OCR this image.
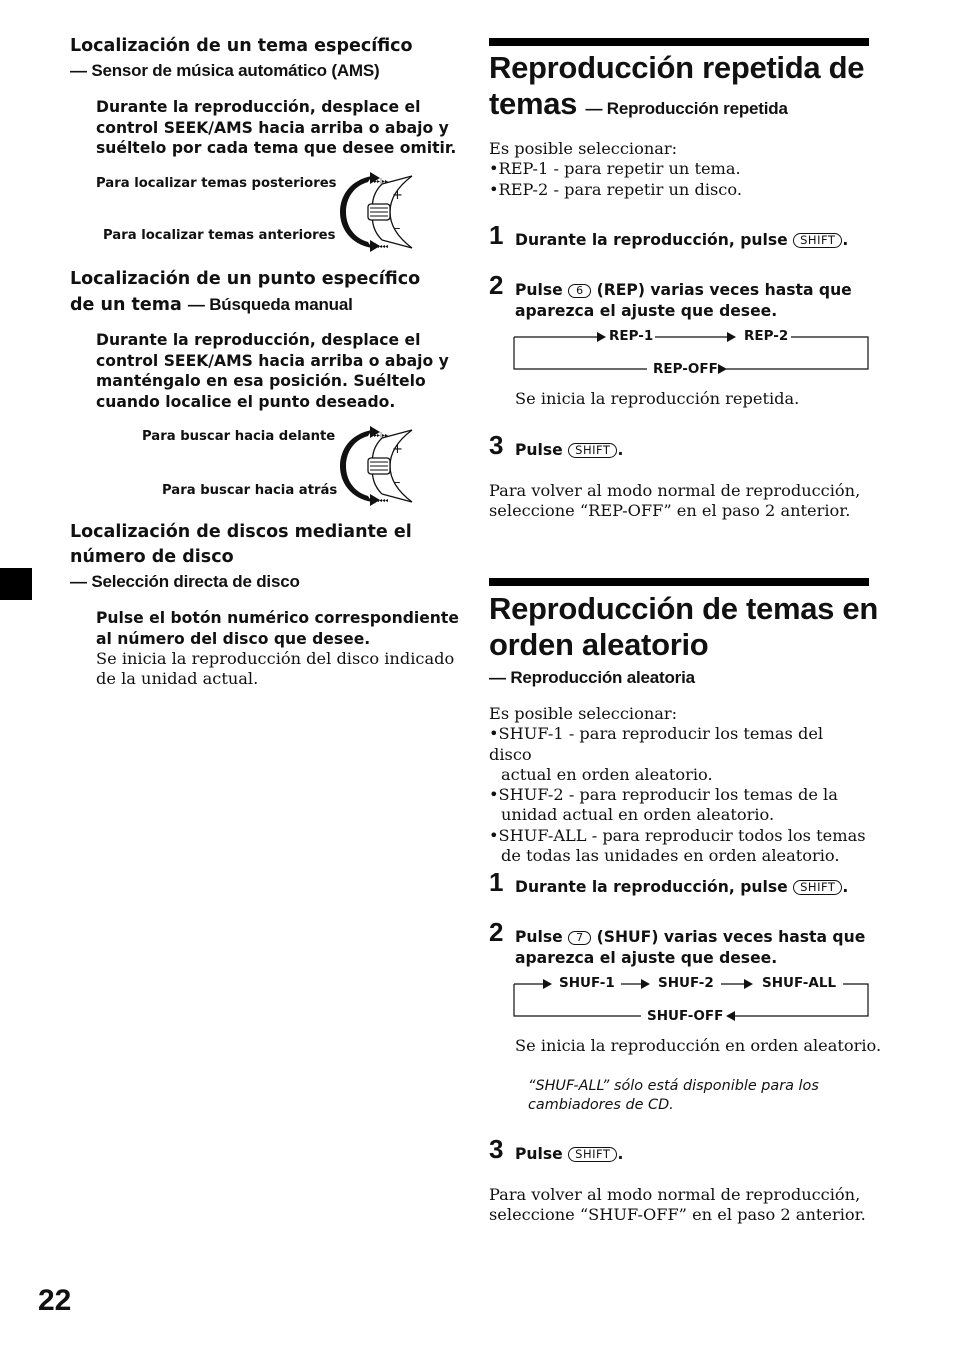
Localización de un tema específico
— Sensor de música automático (AMS)
Durante la reproducción, desplace el
control SEEK/AMS hacia arriba o abajo y
suéltelo por cada tema que desee omitir.
Para localizar temas posteriores
Para localizar temas anteriores
+
–
▸▸|▸▸
|◂◂◂◂
Localización de un punto específico
de un tema — Búsqueda manual
Durante la reproducción, desplace el
control SEEK/AMS hacia arriba o abajo y
manténgalo en esa posición. Suéltelo
cuando localice el punto deseado.
Para buscar hacia delante
Para buscar hacia atrás
+
–
▸▸|▸▸
|◂◂◂◂
Localización de discos mediante el
número de disco
— Selección directa de disco
Pulse el botón numérico correspondiente
al número del disco que desee.
Se inicia la reproducción del disco indicado
de la unidad actual.
22
Reproducción repetida de
temas — Reproducción repetida
Es posible seleccionar:
•REP-1 - para repetir un tema.
•REP-2 - para repetir un disco.
1 Durante la reproducción, pulse SHIFT .
2 Pulse 6 (REP) varias veces hasta que
aparezca el ajuste que desee.
REP-1	REP-2
REP-OFF
Se inicia la reproducción repetida.
3 Pulse SHIFT .
Para volver al modo normal de reproducción,
seleccione “REP-OFF” en el paso 2 anterior.
Reproducción de temas en
orden aleatorio
— Reproducción aleatoria
Es posible seleccionar:
•SHUF-1 - para reproducir los temas del disco
actual en orden aleatorio.
•SHUF-2 - para reproducir los temas de la
unidad actual en orden aleatorio.
•SHUF-ALL - para reproducir todos los temas
de todas las unidades en orden aleatorio.
1 Durante la reproducción, pulse SHIFT .
2 Pulse 7 (SHUF) varias veces hasta que
aparezca el ajuste que desee.
SHUF-1	SHUF-2	SHUF-ALL
SHUF-OFF
Se inicia la reproducción en orden aleatorio.
“SHUF-ALL” sólo está disponible para los
cambiadores de CD.
3 Pulse SHIFT .
Para volver al modo normal de reproducción,
seleccione “SHUF-OFF” en el paso 2 anterior.
